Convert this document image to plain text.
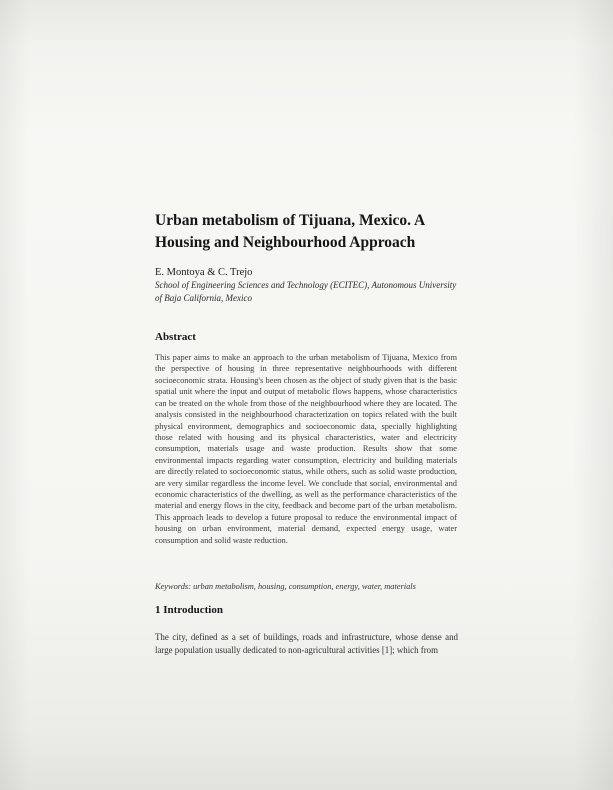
Urban metabolism of Tijuana, Mexico. A Housing and Neighbourhood Approach

E. Montoya & C. Trejo

School of Engineering Sciences and Technology (ECITEC), Autonomous University of Baja California, Mexico

Abstract

This paper aims to make an approach to the urban metabolism of Tijuana, Mexico from the perspective of housing in three representative neighbourhoods with different socioeconomic strata. Housing's been chosen as the object of study given that is the basic spatial unit where the input and output of metabolic flows happens, whose characteristics can be treated on the whole from those of the neighbourhood where they are located. The analysis consisted in the neighbourhood characterization on topics related with the built physical environment, demographics and socioeconomic data, specially highlighting those related with housing and its physical characteristics, water and electricity consumption, materials usage and waste production. Results show that some environmental impacts regarding water consumption, electricity and building materials are directly related to socioeconomic status, while others, such as solid waste production, are very similar regardless the income level. We conclude that social, environmental and economic characteristics of the dwelling, as well as the performance characteristics of the material and energy flows in the city, feedback and become part of the urban metabolism. This approach leads to develop a future proposal to reduce the environmental impact of housing on urban environment, material demand, expected energy usage, water consumption and solid waste reduction.

Keywords: urban metabolism, housing, consumption, energy, water, materials

1 Introduction

The city, defined as a set of buildings, roads and infrastructure, whose dense and large population usually dedicated to non-agricultural activities [1]; which from
